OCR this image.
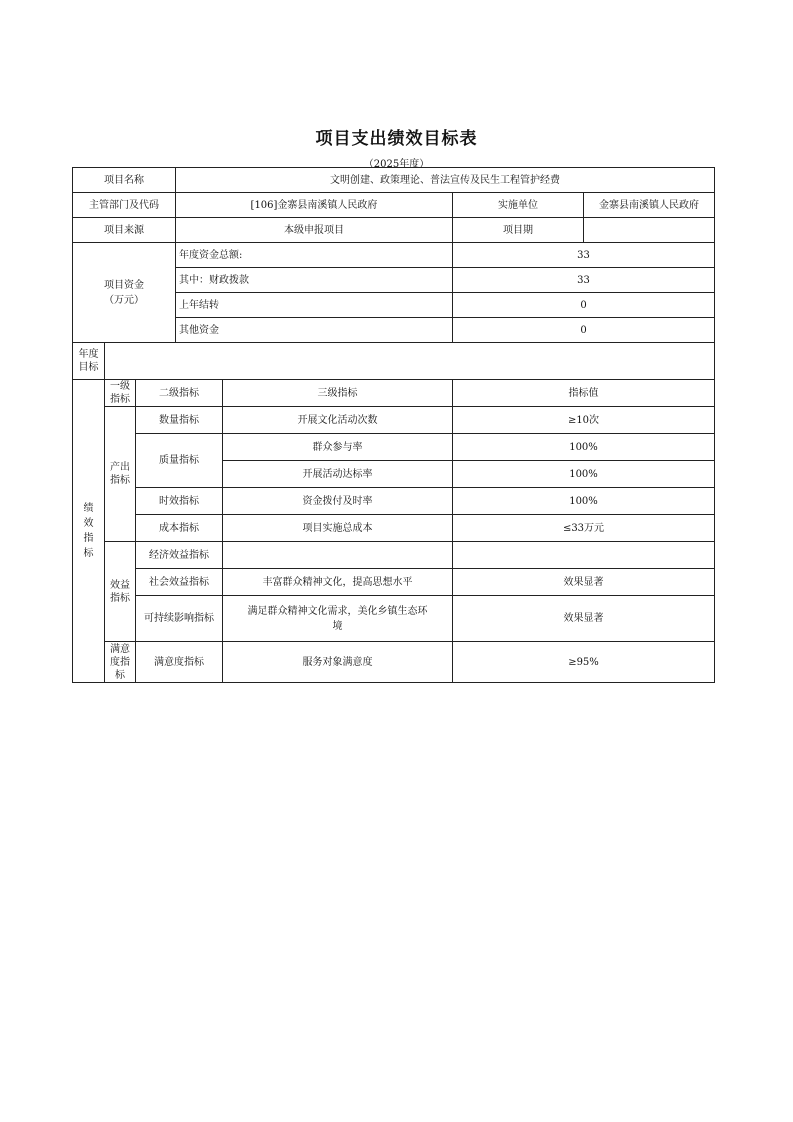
项目支出绩效目标表
（2025年度）
项目名称			文明创建、政策理论、普法宣传及民生工程管护经费			
主管部门及代码			[106]金寨县南溪镇人民政府		实施单位	金寨县南溪镇人民政府
项目来源			本级申报项目		项目期	
项目资金（万元）			年度资金总额:		33	
			其中：财政拨款		33	
			上年结转		0	
			其他资金		0	

年度目标						

绩效指标	一级指标	二级指标		三级指标	指标值	

	产出指标	数量指标		开展文化活动次数	≥10次	
		质量指标		群众参与率	100%	
				开展活动达标率	100%	
		时效指标		资金拨付及时率	100%	
		成本指标		项目实施总成本	≤33万元	

	效益指标	经济效益指标				
		社会效益指标		丰富群众精神文化，提高思想水平	效果显著	
		可持续影响指标		满足群众精神文化需求，美化乡镇生态环境	效果显著	

	满意度指标	满意度指标		服务对象满意度	≥95%	
